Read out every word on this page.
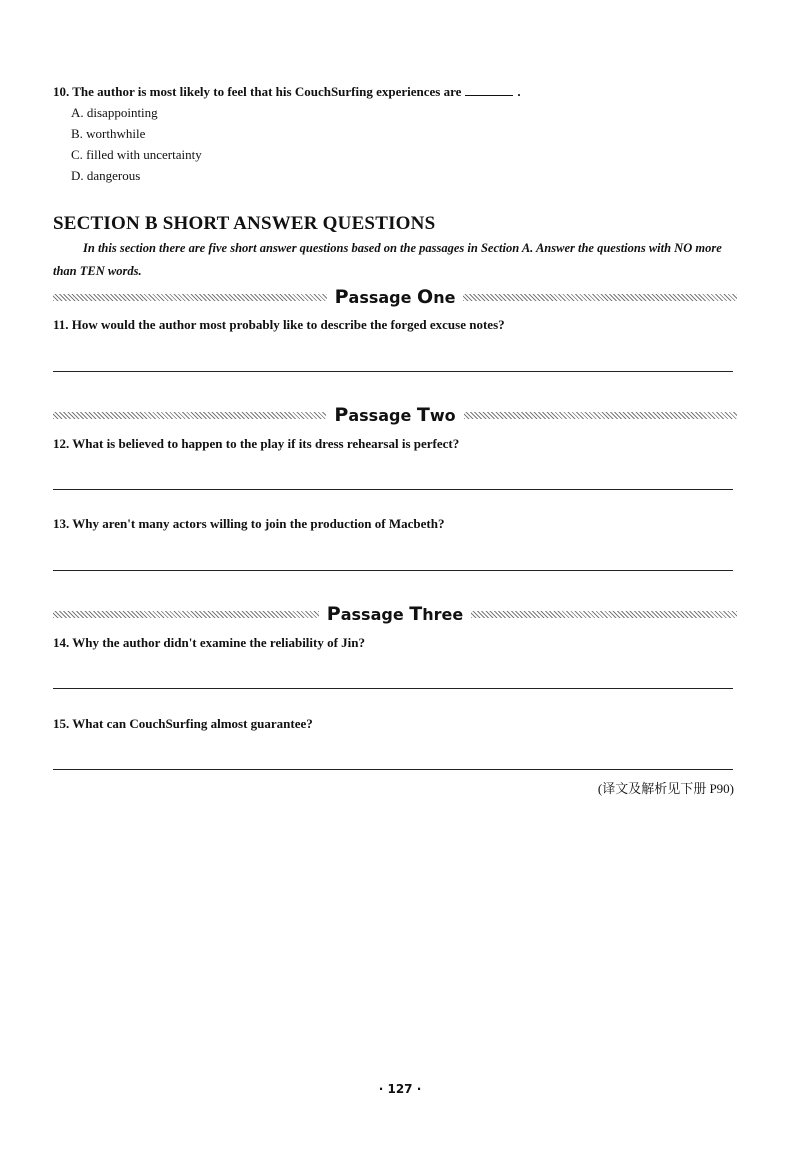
10. The author is most likely to feel that his CouchSurfing experiences are	.
A. disappointing
B. worthwhile
C. filled with uncertainty
D. dangerous
SECTION B SHORT ANSWER QUESTIONS
In this section there are five short answer questions based on the passages in Section A. Answer the questions with NO more than TEN words.
Passage One
11. How would the author most probably like to describe the forged excuse notes?
Passage Two
12. What is believed to happen to the play if its dress rehearsal is perfect?
13. Why aren't many actors willing to join the production of Macbeth?
Passage Three
14. Why the author didn't examine the reliability of Jin?
15. What can CouchSurfing almost guarantee?
(译文及解析见下册 P90)
· 127 ·
